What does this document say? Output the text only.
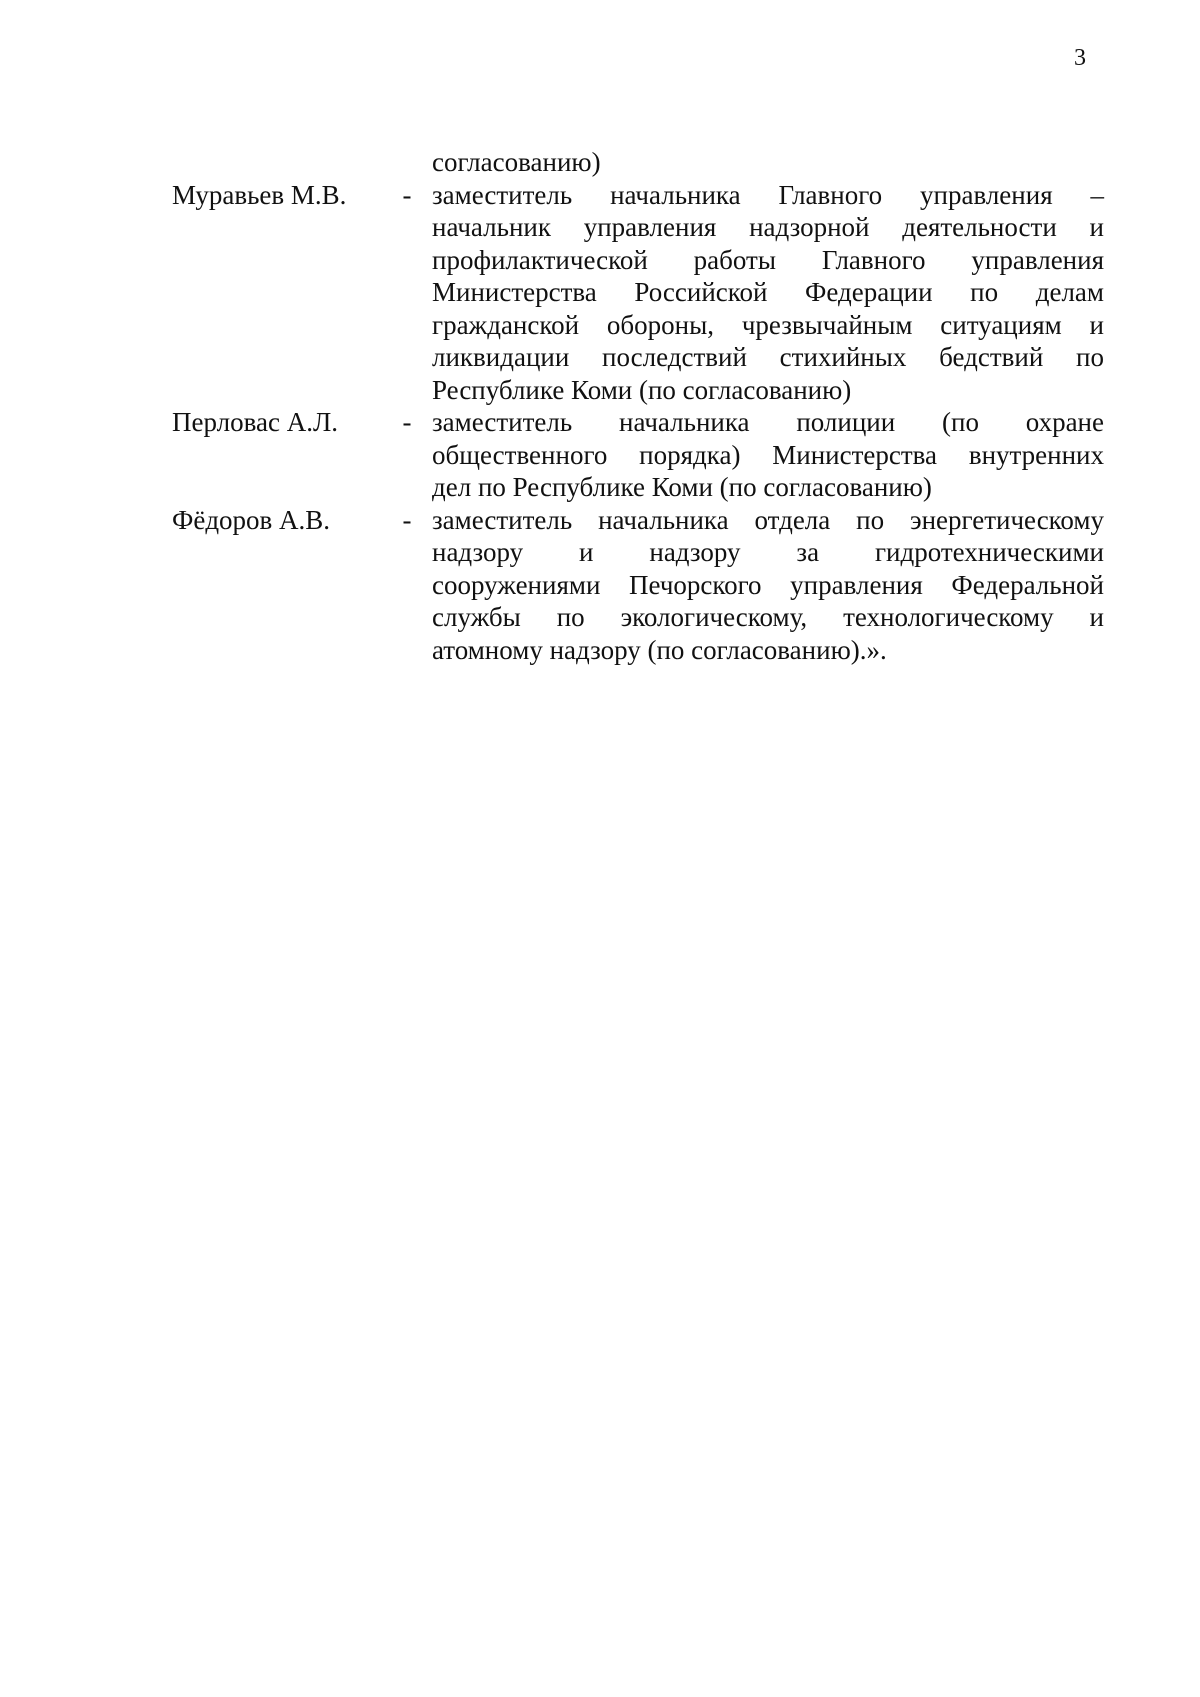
3
согласованию)
Муравьев М.В.	- заместитель начальника Главного управления –
начальник управления надзорной деятельности и
профилактической работы Главного управления
Министерства Российской Федерации по делам
гражданской обороны, чрезвычайным ситуациям и
ликвидации последствий стихийных бедствий по
Республике Коми (по согласованию)
Перловас А.Л.	- заместитель начальника полиции (по охране
общественного порядка) Министерства внутренних
дел по Республике Коми (по согласованию)
Фёдоров А.В.	- заместитель начальника отдела по энергетическому
надзору и надзору за гидротехническими
сооружениями Печорского управления Федеральной
службы по экологическому, технологическому и
атомному надзору (по согласованию).».
